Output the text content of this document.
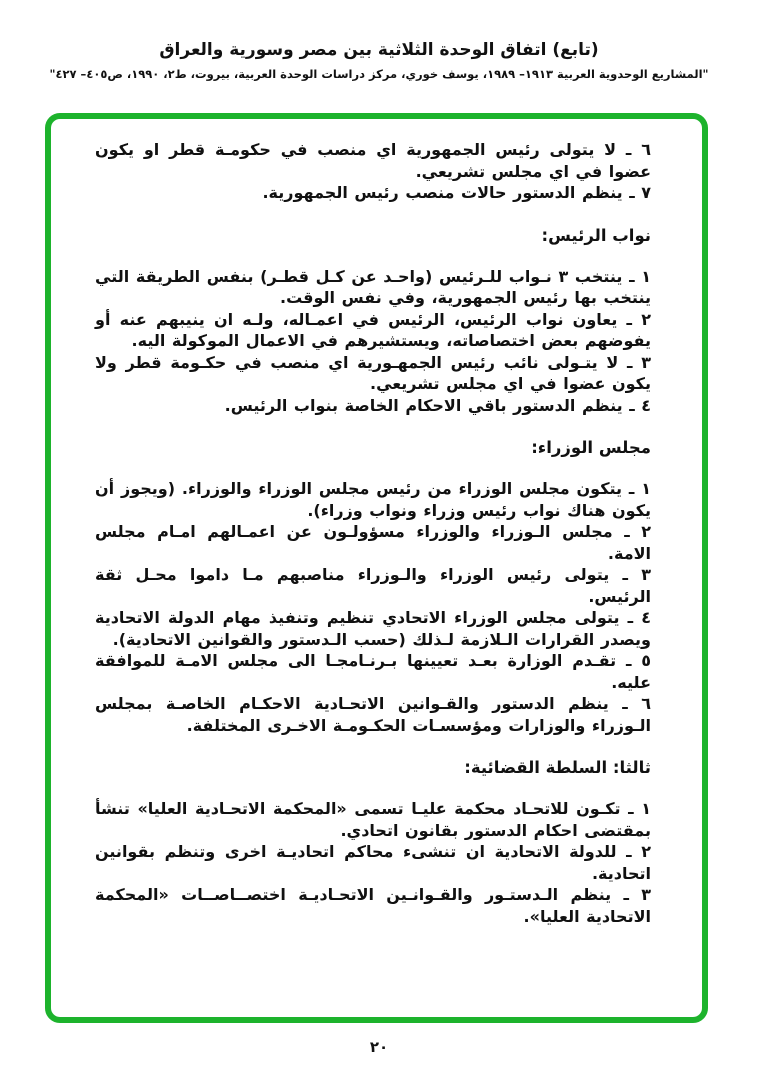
(تابع) اتفاق الوحدة الثلاثية بين مصر وسورية والعراق
"المشاريع الوحدوية العربية ١٩١٣– ١٩٨٩، يوسف خوري، مركز دراسات الوحدة العربية، بيروت، ط٢، ١٩٩٠، ص٤٠٥– ٤٢٧"

٦ ـ لا يتولى رئيس الجمهورية اي منصب في حكومـة قطر او يكون عضوا في اي مجلس تشريعي.

٧ ـ ينظم الدستور حالات منصب رئيس الجمهورية.

نواب الرئيس:

١ ـ ينتخب ٣ نـواب للـرئيس (واحـد عن كـل قطـر) بنفس الطريقة التي ينتخب بها رئيس الجمهورية، وفي نفس الوقت.

٢ ـ يعاون نواب الرئيس، الرئيس في اعمـاله، ولـه ان ينيبهم عنه أو يفوضهم بعض اختصاصاته، ويستشيرهم في الاعمال الموكولة اليه.

٣ ـ لا يتـولى نائب رئيس الجمهـورية اي منصب في حكـومة قطر ولا يكون عضوا في اي مجلس تشريعي.

٤ ـ ينظم الدستور باقي الاحكام الخاصة بنواب الرئيس.

مجلس الوزراء:

١ ـ يتكون مجلس الوزراء من رئيس مجلس الوزراء والوزراء. (ويجوز أن يكون هناك نواب رئيس وزراء ونواب وزراء).

٢ ـ مجلس الـوزراء والوزراء مسؤولـون عن اعمـالهم امـام مجلس الامة.

٣ ـ يتولى رئيس الوزراء والـوزراء مناصبهم مـا داموا محـل ثقة الرئيس.

٤ ـ يتولى مجلس الوزراء الاتحادي تنظيم وتنفيذ مهام الدولة الاتحادية ويصدر القرارات الـلازمة لـذلك (حسب الـدستور والقوانين الاتحادية).

٥ ـ تقـدم الوزارة بعـد تعيينها بـرنـامجـا الى مجلس الامـة للموافقة عليه.

٦ ـ ينظم الدستور والقـوانين الاتحـادية الاحكـام الخاصـة بمجلس الـوزراء والوزارات ومؤسسـات الحكـومـة الاخـرى المختلفة.

ثالثا: السلطة القضائية:

١ ـ تكـون للاتحـاد محكمة عليـا تسمى «المحكمة الاتحـادية العليا» تنشأ بمقتضى احكام الدستور بقانون اتحادي.

٢ ـ للدولة الاتحادية ان تنشىء محاكم اتحاديـة اخرى وتنظم بقوانين اتحادية.

٣ ـ ينظم الـدستـور والقـوانـين الاتحـاديـة اختصــاصــات «المحكمة الاتحادية العليا».

٢٠
